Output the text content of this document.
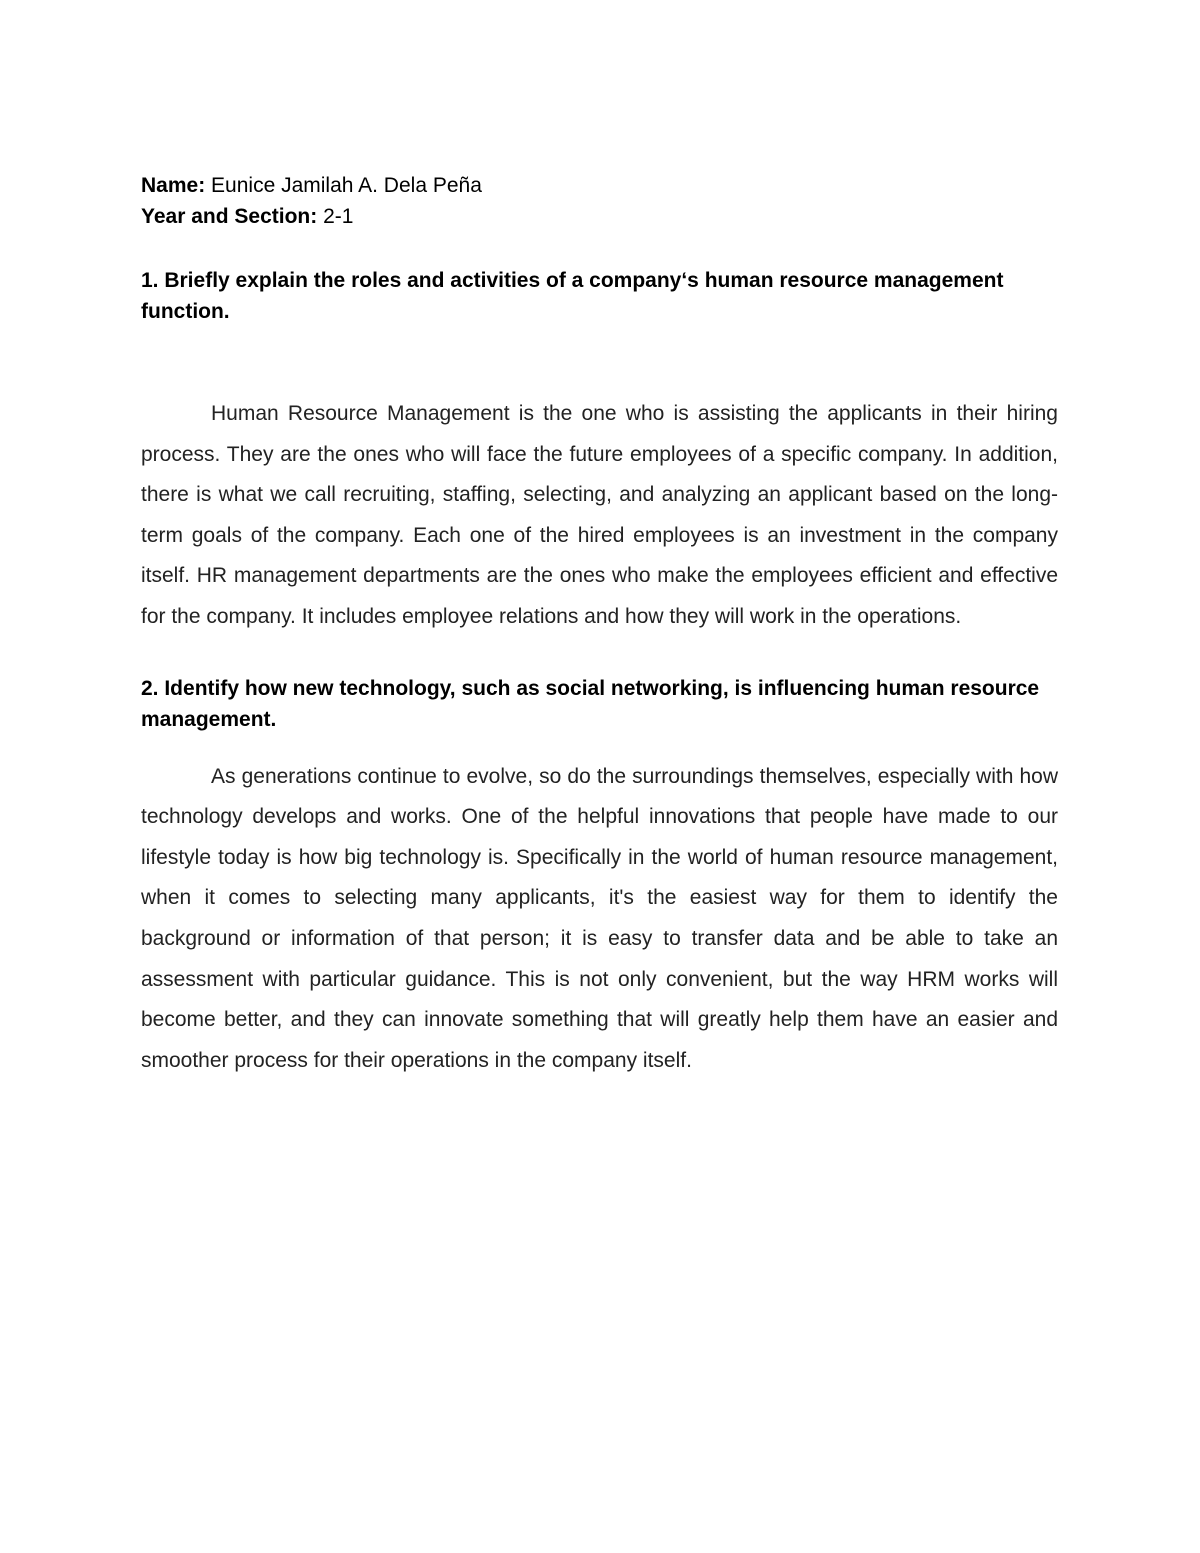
Name: Eunice Jamilah A. Dela Peña

Year and Section: 2-1

1. Briefly explain the roles and activities of a company‘s human resource management function.

Human Resource Management is the one who is assisting the applicants in their hiring process. They are the ones who will face the future employees of a specific company. In addition, there is what we call recruiting, staffing, selecting, and analyzing an applicant based on the long-term goals of the company. Each one of the hired employees is an investment in the company itself. HR management departments are the ones who make the employees efficient and effective for the company. It includes employee relations and how they will work in the operations.

2. Identify how new technology, such as social networking, is influencing human resource management.

As generations continue to evolve, so do the surroundings themselves, especially with how technology develops and works. One of the helpful innovations that people have made to our lifestyle today is how big technology is. Specifically in the world of human resource management, when it comes to selecting many applicants, it's the easiest way for them to identify the background or information of that person; it is easy to transfer data and be able to take an assessment with particular guidance. This is not only convenient, but the way HRM works will become better, and they can innovate something that will greatly help them have an easier and smoother process for their operations in the company itself.
